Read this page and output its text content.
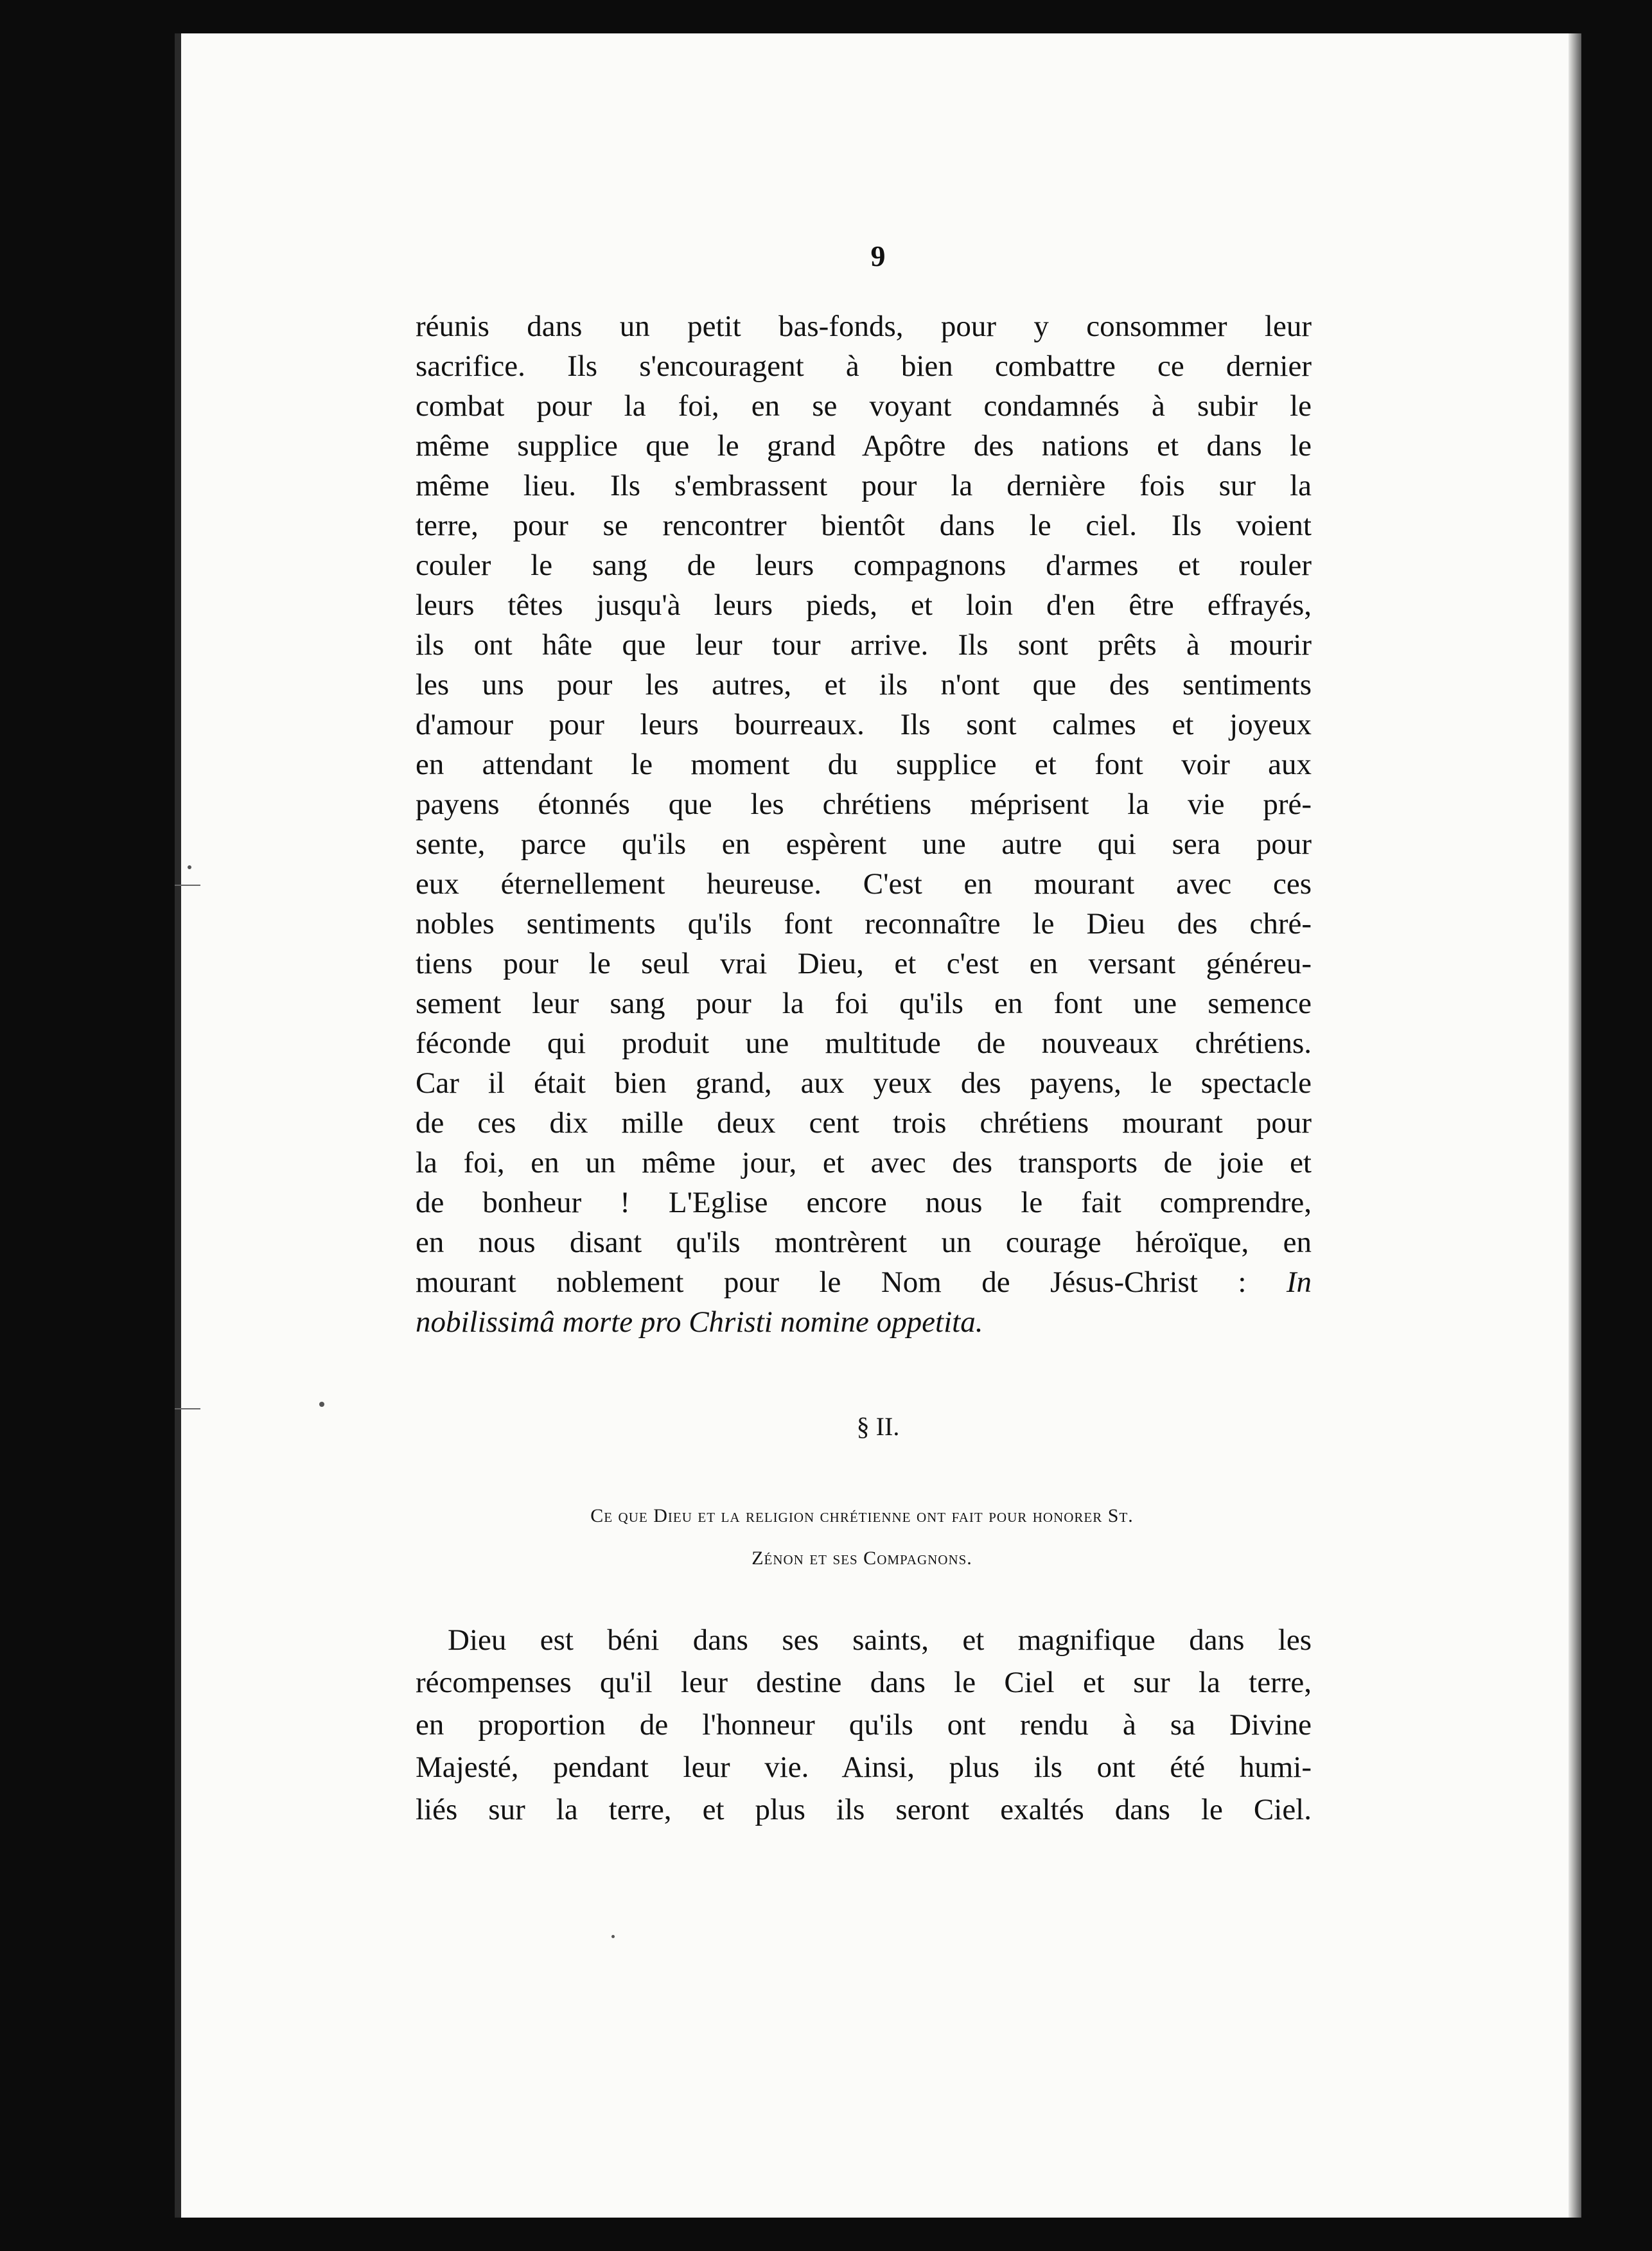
9
réunis dans un petit bas-fonds, pour y consommer leur
sacrifice. Ils s'encouragent à bien combattre ce dernier
combat pour la foi, en se voyant condamnés à subir le
même supplice que le grand Apôtre des nations et dans le
même lieu. Ils s'embrassent pour la dernière fois sur la
terre, pour se rencontrer bientôt dans le ciel. Ils voient
couler le sang de leurs compagnons d'armes et rouler
leurs têtes jusqu'à leurs pieds, et loin d'en être effrayés,
ils ont hâte que leur tour arrive. Ils sont prêts à mourir
les uns pour les autres, et ils n'ont que des sentiments
d'amour pour leurs bourreaux. Ils sont calmes et joyeux
en attendant le moment du supplice et font voir aux
payens étonnés que les chrétiens méprisent la vie pré-
sente, parce qu'ils en espèrent une autre qui sera pour
eux éternellement heureuse. C'est en mourant avec ces
nobles sentiments qu'ils font reconnaître le Dieu des chré-
tiens pour le seul vrai Dieu, et c'est en versant généreu-
sement leur sang pour la foi qu'ils en font une semence
féconde qui produit une multitude de nouveaux chrétiens.
Car il était bien grand, aux yeux des payens, le spectacle
de ces dix mille deux cent trois chrétiens mourant pour
la foi, en un même jour, et avec des transports de joie et
de bonheur ! L'Eglise encore nous le fait comprendre,
en nous disant qu'ils montrèrent un courage héroïque, en
mourant noblement pour le Nom de Jésus-Christ : In
nobilissimâ morte pro Christi nomine oppetita.
§ II.
Ce que Dieu et la religion chrétienne ont fait pour honorer St.
Zénon et ses Compagnons.
Dieu est béni dans ses saints, et magnifique dans les
récompenses qu'il leur destine dans le Ciel et sur la terre,
en proportion de l'honneur qu'ils ont rendu à sa Divine
Majesté, pendant leur vie. Ainsi, plus ils ont été humi-
liés sur la terre, et plus ils seront exaltés dans le Ciel.
